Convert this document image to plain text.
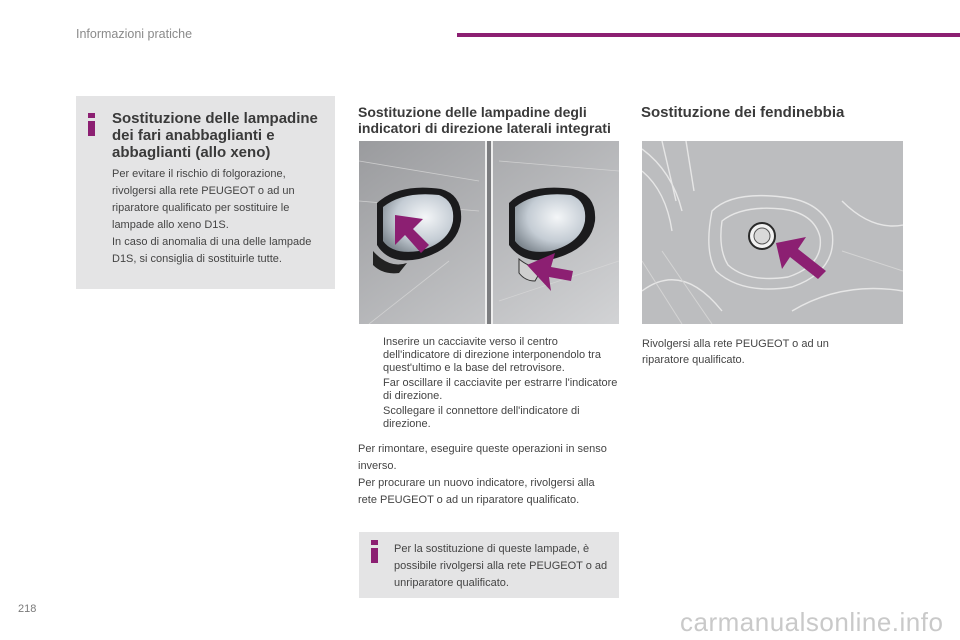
Informazioni pratiche
Sostituzione delle lampadine dei fari anabbaglianti e abbaglianti (allo xeno)
Per evitare il rischio di folgorazione, rivolgersi alla rete PEUGEOT o ad un riparatore qualificato per sostituire le lampade allo xeno D1S.
In caso di anomalia di una delle lampade D1S, si consiglia di sostituirle tutte.
Sostituzione delle lampadine degli indicatori di direzione laterali integrati
Inserire un cacciavite verso il centro dell'indicatore di direzione interponendolo tra quest'ultimo e la base del retrovisore.
Far oscillare il cacciavite per estrarre l'indicatore di direzione.
Scollegare il connettore dell'indicatore di direzione.
Per rimontare, eseguire queste operazioni in senso inverso.
Per procurare un nuovo indicatore, rivolgersi alla rete PEUGEOT o ad un riparatore qualificato.
Per la sostituzione di queste lampade, è possibile rivolgersi alla rete PEUGEOT o ad unriparatore qualificato.
Sostituzione dei fendinebbia
Rivolgersi alla rete PEUGEOT o ad un riparatore qualificato.
218	carmanualsonline.info
